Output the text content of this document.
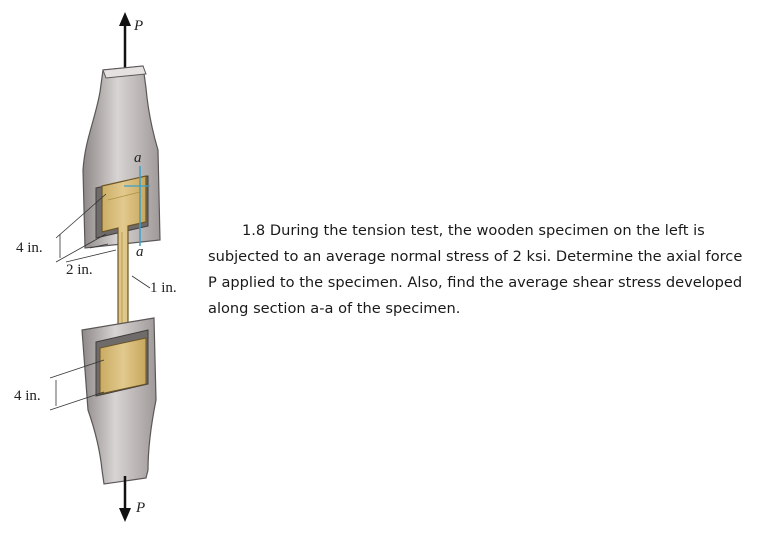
P
a
a
P
4 in.
2 in.
1 in.
4 in.

1.8 During the tension test, the wooden specimen on the left is subjected to an average normal stress of 2 ksi. Determine the axial force P applied to the specimen. Also, find the average shear stress developed along section a-a of the specimen.
